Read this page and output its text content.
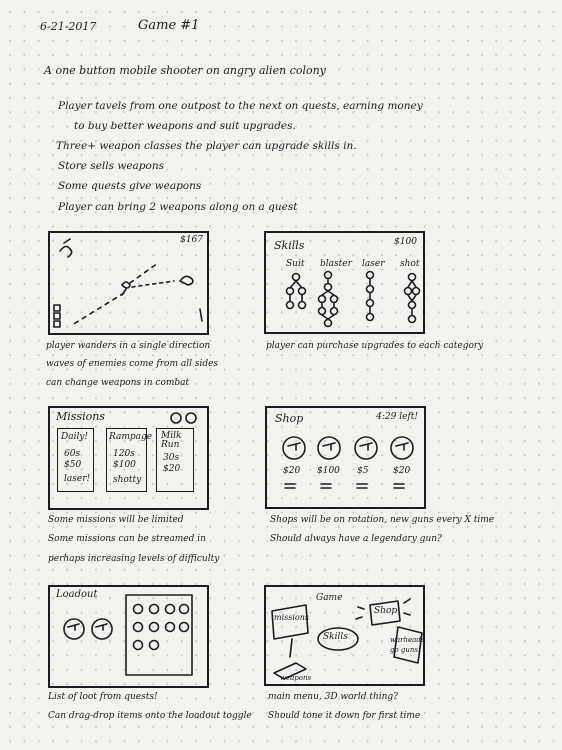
6-21-2017	Game #1
A one button mobile shooter on angry alien colony
Player tavels from one outpost to the next on quests, earning money
to buy better weapons and suit upgrades.
Three+ weapon classes the player can upgrade skills in.
Store sells weapons
Some quests give weapons
Player can bring 2 weapons along on a quest
$167
player wanders in a single direction
waves of enemies come from all sides
can change weapons in combat
Skills	$100
Suit blaster laser shot
player can purchase upgrades to each category
Missions
Daily!
60s
$50
laser!
Rampage
120s
$100
shotty
Milk Run
30s
$20
Some missions will be limited
Some missions can be streamed in
perhaps increasing levels of difficulty
Shop	4:29 left!
$20 $100 $5	$20
Shops will be on rotation, new guns every X time
Should always have a legendary gun?
Loadout
List of loot from quests!
Can drag-drop items onto the loadout toggle
Game
missions
Shop
Skills	warheads
go guns!
weapons
main menu, 3D world thing?
Should tone it down for first time
